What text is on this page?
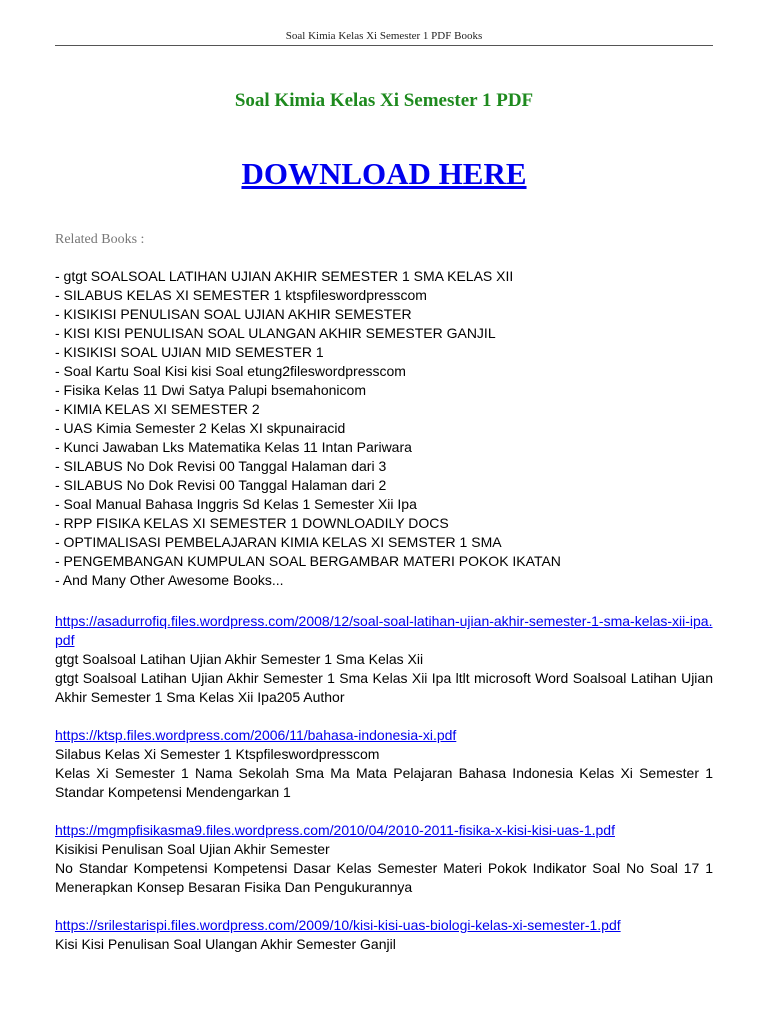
Soal Kimia Kelas Xi Semester 1 PDF Books
Soal Kimia Kelas Xi Semester 1 PDF
DOWNLOAD HERE
Related Books :
- gtgt SOALSOAL LATIHAN UJIAN AKHIR SEMESTER 1 SMA KELAS XII
- SILABUS KELAS XI SEMESTER 1 ktspfileswordpresscom
- KISIKISI PENULISAN SOAL UJIAN AKHIR SEMESTER
- KISI KISI PENULISAN SOAL ULANGAN AKHIR SEMESTER GANJIL
- KISIKISI SOAL UJIAN MID SEMESTER 1
- Soal Kartu Soal Kisi kisi Soal etung2fileswordpresscom
- Fisika Kelas 11 Dwi Satya Palupi bsemahonicom
- KIMIA KELAS XI SEMESTER 2
- UAS Kimia Semester 2 Kelas XI skpunairacid
- Kunci Jawaban Lks Matematika Kelas 11 Intan Pariwara
- SILABUS No Dok Revisi 00 Tanggal Halaman dari 3
- SILABUS No Dok Revisi 00 Tanggal Halaman dari 2
- Soal Manual Bahasa Inggris Sd Kelas 1 Semester Xii Ipa
- RPP FISIKA KELAS XI SEMESTER 1 DOWNLOADILY DOCS
- OPTIMALISASI PEMBELAJARAN KIMIA KELAS XI SEMSTER 1 SMA
- PENGEMBANGAN KUMPULAN SOAL BERGAMBAR MATERI POKOK IKATAN
- And Many Other Awesome Books...
https://asadurrofiq.files.wordpress.com/2008/12/soal-soal-latihan-ujian-akhir-semester-1-sma-kelas-xii-ipa.pdf
gtgt Soalsoal Latihan Ujian Akhir Semester 1 Sma Kelas Xii
gtgt Soalsoal Latihan Ujian Akhir Semester 1 Sma Kelas Xii Ipa ltlt microsoft Word Soalsoal Latihan Ujian Akhir Semester 1 Sma Kelas Xii Ipa205 Author
https://ktsp.files.wordpress.com/2006/11/bahasa-indonesia-xi.pdf
Silabus Kelas Xi Semester 1 Ktspfileswordpresscom
Kelas Xi Semester 1 Nama Sekolah Sma Ma Mata Pelajaran Bahasa Indonesia Kelas Xi Semester 1 Standar Kompetensi Mendengarkan 1
https://mgmpfisikasma9.files.wordpress.com/2010/04/2010-2011-fisika-x-kisi-kisi-uas-1.pdf
Kisikisi Penulisan Soal Ujian Akhir Semester
No Standar Kompetensi Kompetensi Dasar Kelas Semester Materi Pokok Indikator Soal No Soal 17 1 Menerapkan Konsep Besaran Fisika Dan Pengukurannya
https://srilestarispi.files.wordpress.com/2009/10/kisi-kisi-uas-biologi-kelas-xi-semester-1.pdf
Kisi Kisi Penulisan Soal Ulangan Akhir Semester Ganjil
